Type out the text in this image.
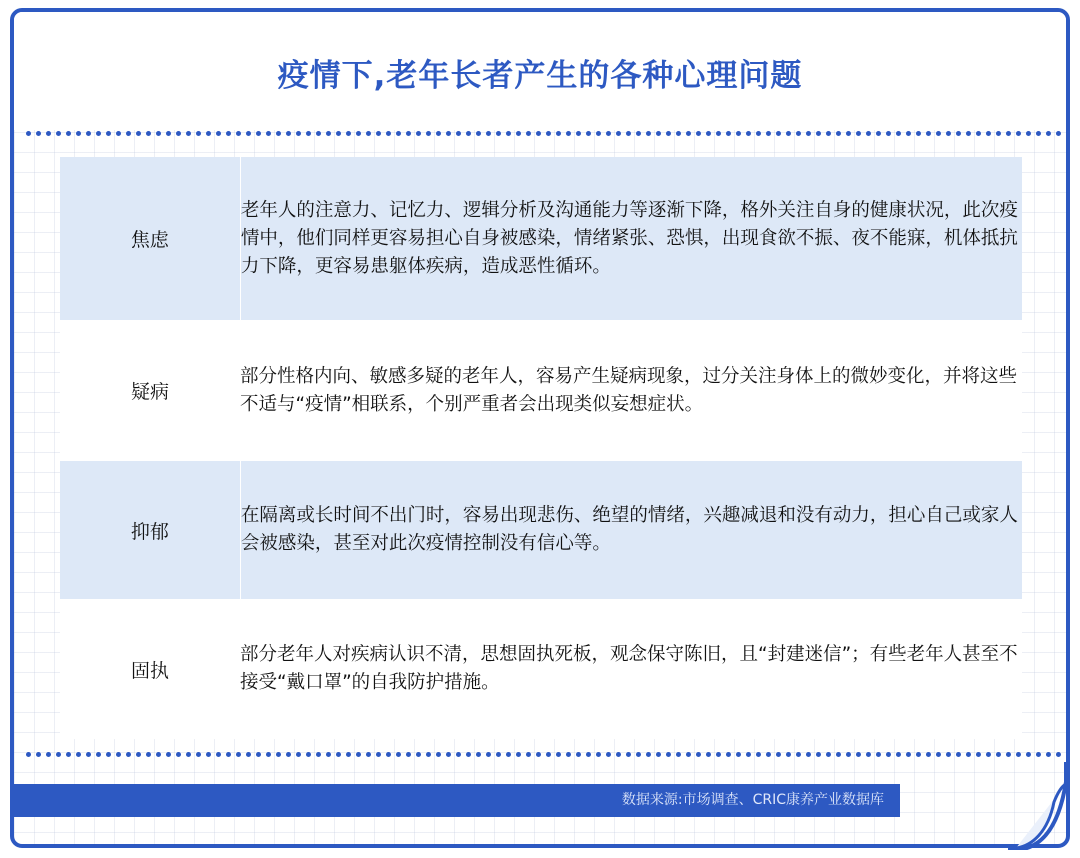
疫情下,老年长者产生的各种心理问题
焦虑
老年人的注意力、记忆力、逻辑分析及沟通能力等逐渐下降，格外关注自身的健康状况，此次疫情中，他们同样更容易担心自身被感染，情绪紧张、恐惧，出现食欲不振、夜不能寐，机体抵抗力下降，更容易患躯体疾病，造成恶性循环。
疑病
部分性格内向、敏感多疑的老年人，容易产生疑病现象，过分关注身体上的微妙变化，并将这些不适与“疫情”相联系，个别严重者会出现类似妄想症状。
抑郁
在隔离或长时间不出门时，容易出现悲伤、绝望的情绪，兴趣减退和没有动力，担心自己或家人会被感染，甚至对此次疫情控制没有信心等。
固执
部分老年人对疾病认识不清，思想固执死板，观念保守陈旧，且“封建迷信”；有些老年人甚至不接受“戴口罩”的自我防护措施。
数据来源:市场调查、CRIC康养产业数据库
